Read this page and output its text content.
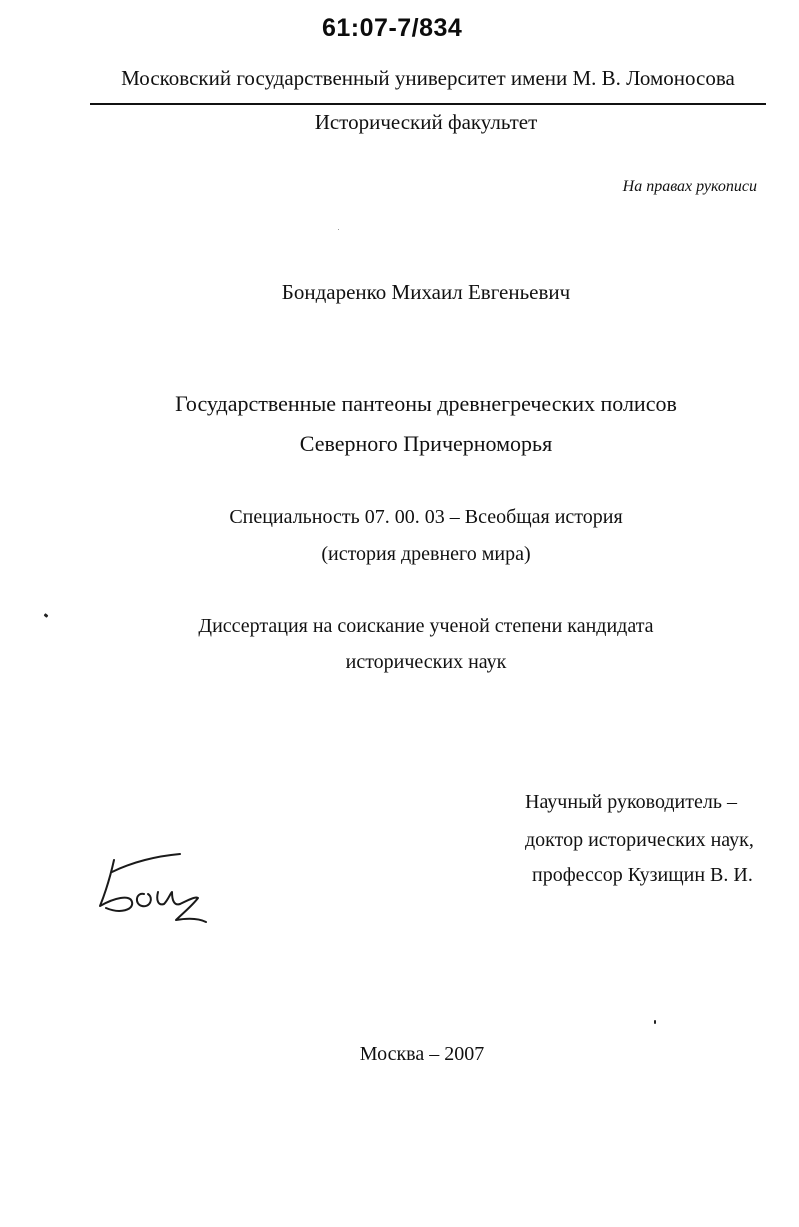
61:07-7/834
Московский государственный университет имени М. В. Ломоносова
Исторический факультет
На правах рукописи
Бондаренко Михаил Евгеньевич
Государственные пантеоны древнегреческих полисов
Северного Причерноморья
Специальность 07. 00. 03 – Всеобщая история
(история древнего мира)
Диссертация на соискание ученой степени кандидата
исторических наук
Научный руководитель –
доктор исторических наук,
профессор Кузищин В. И.
Москва – 2007
